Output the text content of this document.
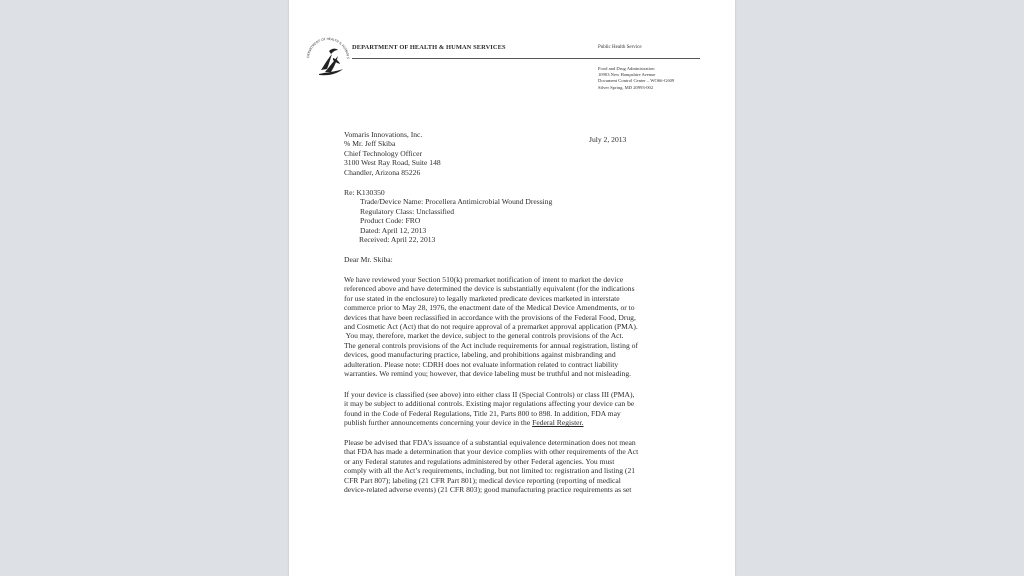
DEPARTMENT OF HEALTH & HUMAN S
DEPARTMENT OF HEALTH & HUMAN SERVICES	Public Health Service
Food and Drug Administration
10903 New Hampshire Avenue
Document Control Center – WO66-G609
Silver Spring, MD 20993-002
July 2, 2013
Vomaris Innovations, Inc.
% Mr. Jeff Skiba
Chief Technology Officer
3100 West Ray Road, Suite 148
Chandler, Arizona 85226
Re: K130350
Trade/Device Name: Procellera Antimicrobial Wound Dressing
Regulatory Class: Unclassified
Product Code: FRO
Dated: April 12, 2013
Received: April 22, 2013
Dear Mr. Skiba:
We have reviewed your Section 510(k) premarket notification of intent to market the device
referenced above and have determined the device is substantially equivalent (for the indications
for use stated in the enclosure) to legally marketed predicate devices marketed in interstate
commerce prior to May 28, 1976, the enactment date of the Medical Device Amendments, or to
devices that have been reclassified in accordance with the provisions of the Federal Food, Drug,
and Cosmetic Act (Act) that do not require approval of a premarket approval application (PMA).
You may, therefore, market the device, subject to the general controls provisions of the Act.
The general controls provisions of the Act include requirements for annual registration, listing of
devices, good manufacturing practice, labeling, and prohibitions against misbranding and
adulteration. Please note: CDRH does not evaluate information related to contract liability
warranties. We remind you; however, that device labeling must be truthful and not misleading.
If your device is classified (see above) into either class II (Special Controls) or class III (PMA),
it may be subject to additional controls. Existing major regulations affecting your device can be
found in the Code of Federal Regulations, Title 21, Parts 800 to 898. In addition, FDA may
publish further announcements concerning your device in the Federal Register.
Please be advised that FDA’s issuance of a substantial equivalence determination does not mean
that FDA has made a determination that your device complies with other requirements of the Act
or any Federal statutes and regulations administered by other Federal agencies. You must
comply with all the Act’s requirements, including, but not limited to: registration and listing (21
CFR Part 807); labeling (21 CFR Part 801); medical device reporting (reporting of medical
device-related adverse events) (21 CFR 803); good manufacturing practice requirements as set
